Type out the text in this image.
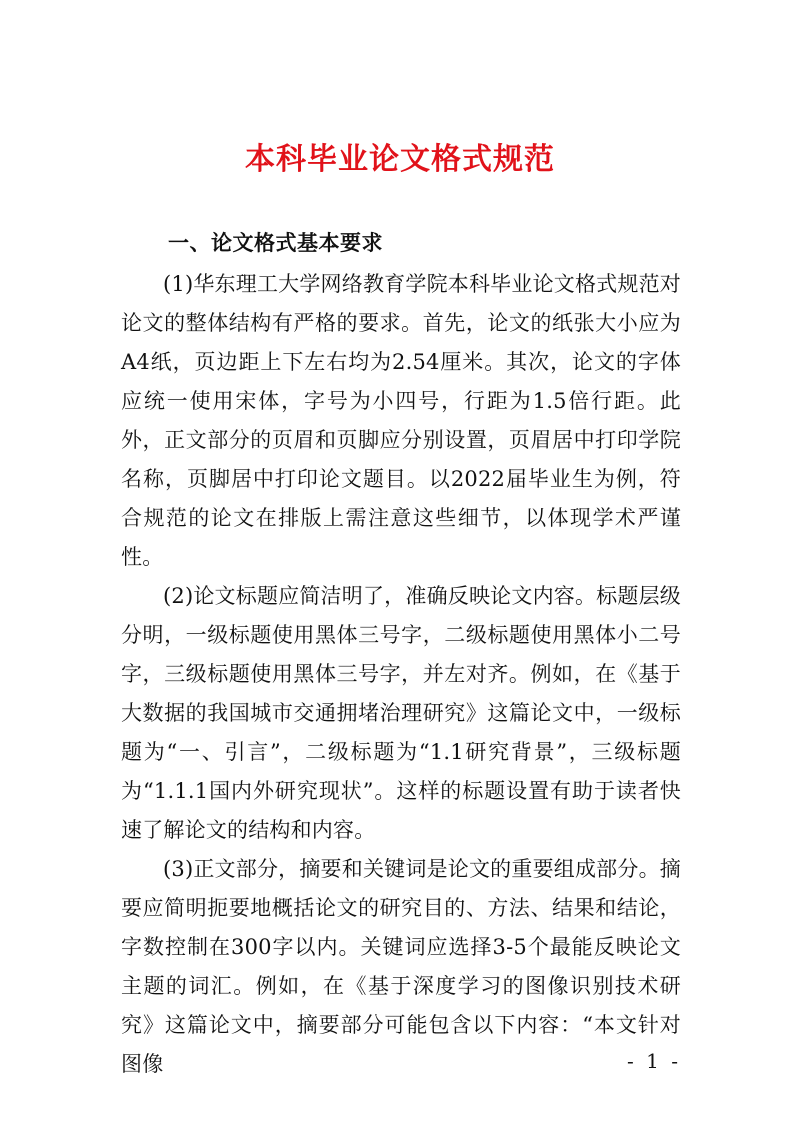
本科毕业论文格式规范
一、论文格式基本要求

(1)华东理工大学网络教育学院本科毕业论文格式规范对论文的整体结构有严格的要求。首先，论文的纸张大小应为A4纸，页边距上下左右均为2.54厘米。其次，论文的字体应统一使用宋体，字号为小四号，行距为1.5倍行距。此外，正文部分的页眉和页脚应分别设置，页眉居中打印学院名称，页脚居中打印论文题目。以2022届毕业生为例，符合规范的论文在排版上需注意这些细节，以体现学术严谨性。

(2)论文标题应简洁明了，准确反映论文内容。标题层级分明，一级标题使用黑体三号字，二级标题使用黑体小二号字，三级标题使用黑体三号字，并左对齐。例如，在《基于大数据的我国城市交通拥堵治理研究》这篇论文中，一级标题为“一、引言”，二级标题为“1.1研究背景”，三级标题为“1.1.1国内外研究现状”。这样的标题设置有助于读者快速了解论文的结构和内容。

(3)正文部分，摘要和关键词是论文的重要组成部分。摘要应简明扼要地概括论文的研究目的、方法、结果和结论，字数控制在300字以内。关键词应选择3-5个最能反映论文主题的词汇。例如，在《基于深度学习的图像识别技术研究》这篇论文中，摘要部分可能包含以下内容：“本文针对图像	- 1 -
